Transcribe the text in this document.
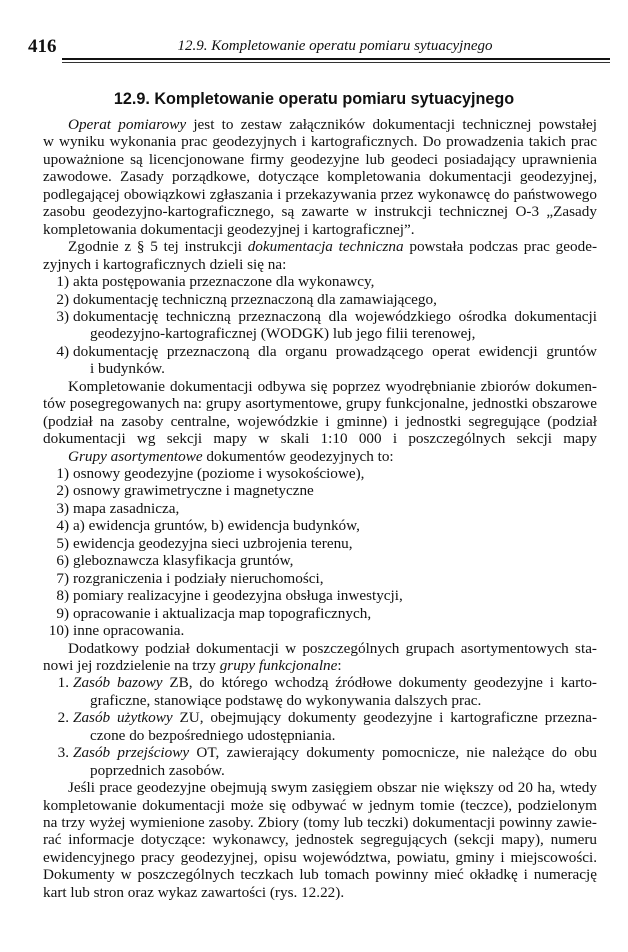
416	12.9. Kompletowanie operatu pomiaru sytuacyjnego
12.9. Kompletowanie operatu pomiaru sytuacyjnego
Operat pomiarowy jest to zestaw załączników dokumentacji technicznej powstałej
w wyniku wykonania prac geodezyjnych i kartograficznych. Do prowadzenia takich prac
upoważnione są licencjonowane firmy geodezyjne lub geodeci posiadający uprawnienia
zawodowe. Zasady porządkowe, dotyczące kompletowania dokumentacji geodezyjnej,
podlegającej obowiązkowi zgłaszania i przekazywania przez wykonawcę do państwowego
zasobu geodezyjno-kartograficznego, są zawarte w instrukcji technicznej O-3 „Zasady
kompletowania dokumentacji geodezyjnej i kartograficznej”.
Zgodnie z § 5 tej instrukcji dokumentacja techniczna powstała podczas prac geode-
zyjnych i kartograficznych dzieli się na:
1) akta postępowania przeznaczone dla wykonawcy,
2) dokumentację techniczną przeznaczoną dla zamawiającego,
3) dokumentację techniczną przeznaczoną dla wojewódzkiego ośrodka dokumentacji
geodezyjno-kartograficznej (WODGK) lub jego filii terenowej,
4) dokumentację przeznaczoną dla organu prowadzącego operat ewidencji gruntów
i budynków.
Kompletowanie dokumentacji odbywa się poprzez wyodrębnianie zbiorów dokumen-
tów posegregowanych na: grupy asortymentowe, grupy funkcjonalne, jednostki obszarowe
(podział na zasoby centralne, wojewódzkie i gminne) i jednostki segregujące (podział
dokumentacji wg sekcji mapy w skali 1:10 000 i poszczególnych sekcji mapy
Grupy asortymentowe dokumentów geodezyjnych to:
1) osnowy geodezyjne (poziome i wysokościowe),
2) osnowy grawimetryczne i magnetyczne
3) mapa zasadnicza,
4) a) ewidencja gruntów, b) ewidencja budynków,
5) ewidencja geodezyjna sieci uzbrojenia terenu,
6) gleboznawcza klasyfikacja gruntów,
7) rozgraniczenia i podziały nieruchomości,
8) pomiary realizacyjne i geodezyjna obsługa inwestycji,
9) opracowanie i aktualizacja map topograficznych,
10) inne opracowania.
Dodatkowy podział dokumentacji w poszczególnych grupach asortymentowych sta-
nowi jej rozdzielenie na trzy grupy funkcjonalne:
1. Zasób bazowy ZB, do którego wchodzą źródłowe dokumenty geodezyjne i karto-
graficzne, stanowiące podstawę do wykonywania dalszych prac.
2. Zasób użytkowy ZU, obejmujący dokumenty geodezyjne i kartograficzne przezna-
czone do bezpośredniego udostępniania.
3. Zasób przejściowy OT, zawierający dokumenty pomocnicze, nie należące do obu
poprzednich zasobów.
Jeśli prace geodezyjne obejmują swym zasięgiem obszar nie większy od 20 ha, wtedy
kompletowanie dokumentacji może się odbywać w jednym tomie (teczce), podzielonym
na trzy wyżej wymienione zasoby. Zbiory (tomy lub teczki) dokumentacji powinny zawie-
rać informacje dotyczące: wykonawcy, jednostek segregujących (sekcji mapy), numeru
ewidencyjnego pracy geodezyjnej, opisu województwa, powiatu, gminy i miejscowości.
Dokumenty w poszczególnych teczkach lub tomach powinny mieć okładkę i numerację
kart lub stron oraz wykaz zawartości (rys. 12.22).
